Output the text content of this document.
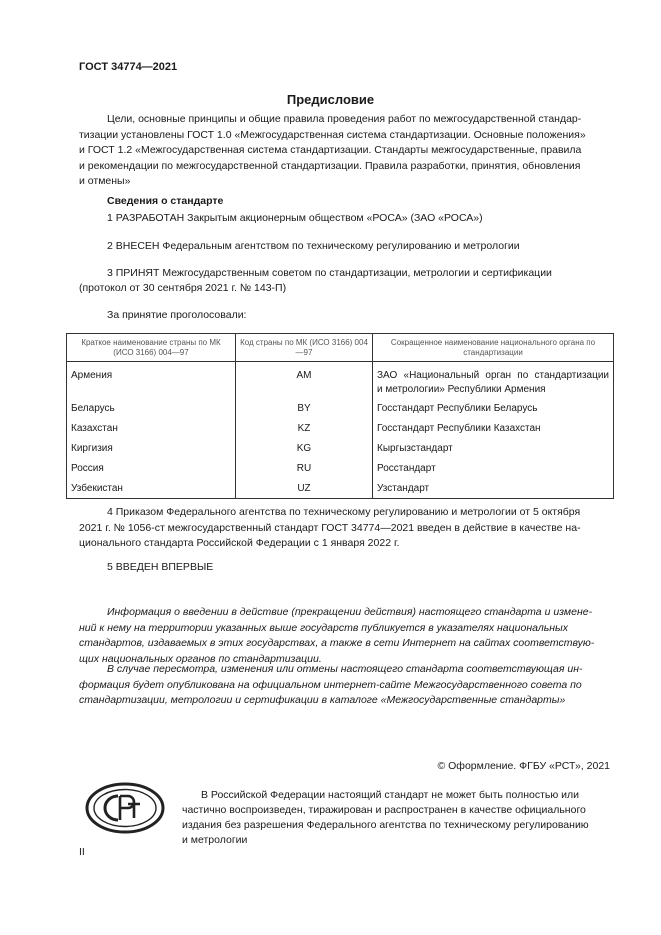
ГОСТ 34774—2021
Предисловие
Цели, основные принципы и общие правила проведения работ по межгосударственной стандар-
тизации установлены ГОСТ 1.0 «Межгосударственная система стандартизации. Основные положения»
и ГОСТ 1.2 «Межгосударственная система стандартизации. Стандарты межгосударственные, правила
и рекомендации по межгосударственной стандартизации. Правила разработки, принятия, обновления
и отмены»
Сведения о стандарте
1 РАЗРАБОТАН Закрытым акционерным обществом «РОСА» (ЗАО «РОСА»)
2 ВНЕСЕН Федеральным агентством по техническому регулированию и метрологии
3 ПРИНЯТ Межгосударственным советом по стандартизации, метрологии и сертификации
(протокол от 30 сентября 2021 г. № 143-П)
За принятие проголосовали:
Краткое наименование страны по МК (ИСО 3166) 004—97	Код страны по МК (ИСО 3166) 004—97	Сокращенное наименование национального органа по стандартизации
Армения	AM	ЗАО «Национальный орган по стандартизации
и метрологии» Республики Армения

Беларусь	BY	Госстандарт Республики Беларусь
Казахстан	KZ	Госстандарт Республики Казахстан
Киргизия	KG	Кыргызстандарт
Россия	RU	Росстандарт
Узбекистан	UZ	Узстандарт
4 Приказом Федерального агентства по техническому регулированию и метрологии от 5 октября
2021 г. № 1056-ст межгосударственный стандарт ГОСТ 34774—2021 введен в действие в качестве на-
ционального стандарта Российской Федерации с 1 января 2022 г.
5 ВВЕДЕН ВПЕРВЫЕ
Информация о введении в действие (прекращении действия) настоящего стандарта и измене-
ний к нему на территории указанных выше государств публикуется в указателях национальных
стандартов, издаваемых в этих государствах, а также в сети Интернет на сайтах соответствую-
щих национальных органов по стандартизации.
В случае пересмотра, изменения или отмены настоящего стандарта соответствующая ин-
формация будет опубликована на официальном интернет-сайте Межгосударственного совета по
стандартизации, метрологии и сертификации в каталоге «Межгосударственные стандарты»
© Оформление. ФГБУ «РСТ», 2021
В Российской Федерации настоящий стандарт не может быть полностью или
частично воспроизведен, тиражирован и распространен в качестве официального
издания без разрешения Федерального агентства по техническому регулированию
и метрологии
II
